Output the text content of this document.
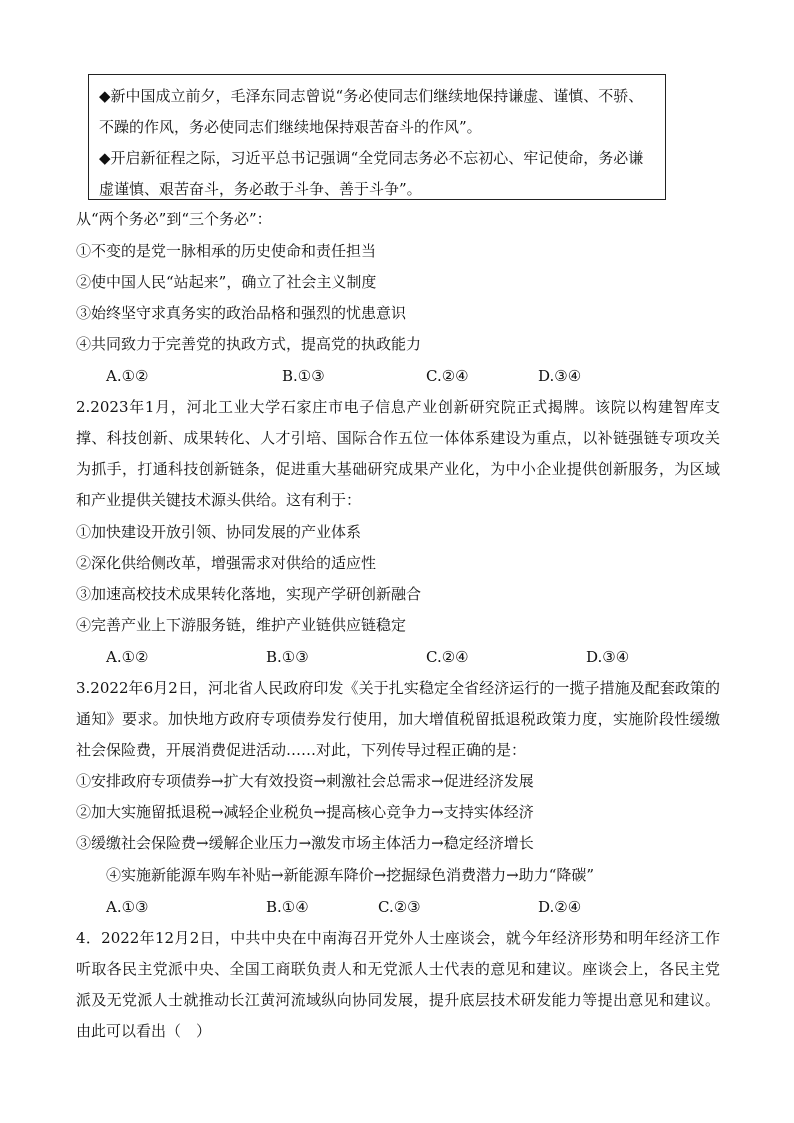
◆新中国成立前夕，毛泽东同志曾说“务必使同志们继续地保持谦虚、谨慎、不骄、不躁的作风，务必使同志们继续地保持艰苦奋斗的作风”。

◆开启新征程之际，习近平总书记强调“全党同志务必不忘初心、牢记使命，务必谦虚谨慎、艰苦奋斗，务必敢于斗争、善于斗争”。

从“两个务必”到“三个务必”：
①不变的是党一脉相承的历史使命和责任担当
②使中国人民“站起来”，确立了社会主义制度
③始终坚守求真务实的政治品格和强烈的忧患意识
④共同致力于完善党的执政方式，提高党的执政能力
A.①②	B.①③	C.②④	D.③④

2.2023年1月，河北工业大学石家庄市电子信息产业创新研究院正式揭牌。该院以构建智库支撑、科技创新、成果转化、人才引培、国际合作五位一体体系建设为重点，以补链强链专项攻关为抓手，打通科技创新链条，促进重大基础研究成果产业化，为中小企业提供创新服务，为区域和产业提供关键技术源头供给。这有利于：

①加快建设开放引领、协同发展的产业体系
②深化供给侧改革，增强需求对供给的适应性
③加速高校技术成果转化落地，实现产学研创新融合
④完善产业上下游服务链，维护产业链供应链稳定
A.①②	B.①③	C.②④	D.③④

3.2022年6月2日，河北省人民政府印发《关于扎实稳定全省经济运行的一揽子措施及配套政策的通知》要求。加快地方政府专项债券发行使用，加大增值税留抵退税政策力度，实施阶段性缓缴社会保险费，开展消费促进活动……对此，下列传导过程正确的是：

①安排政府专项债券→扩大有效投资→刺激社会总需求→促进经济发展
②加大实施留抵退税→减轻企业税负→提高核心竞争力→支持实体经济
③缓缴社会保险费→缓解企业压力→激发市场主体活力→稳定经济增长
④实施新能源车购车补贴→新能源车降价→挖掘绿色消费潜力→助力“降碳”
A.①③	B.①④	C.②③	D.②④

4．2022年12月2日，中共中央在中南海召开党外人士座谈会，就今年经济形势和明年经济工作听取各民主党派中央、全国工商联负责人和无党派人士代表的意见和建议。座谈会上，各民主党派及无党派人士就推动长江黄河流域纵向协同发展，提升底层技术研发能力等提出意见和建议。由此可以看出（　）
